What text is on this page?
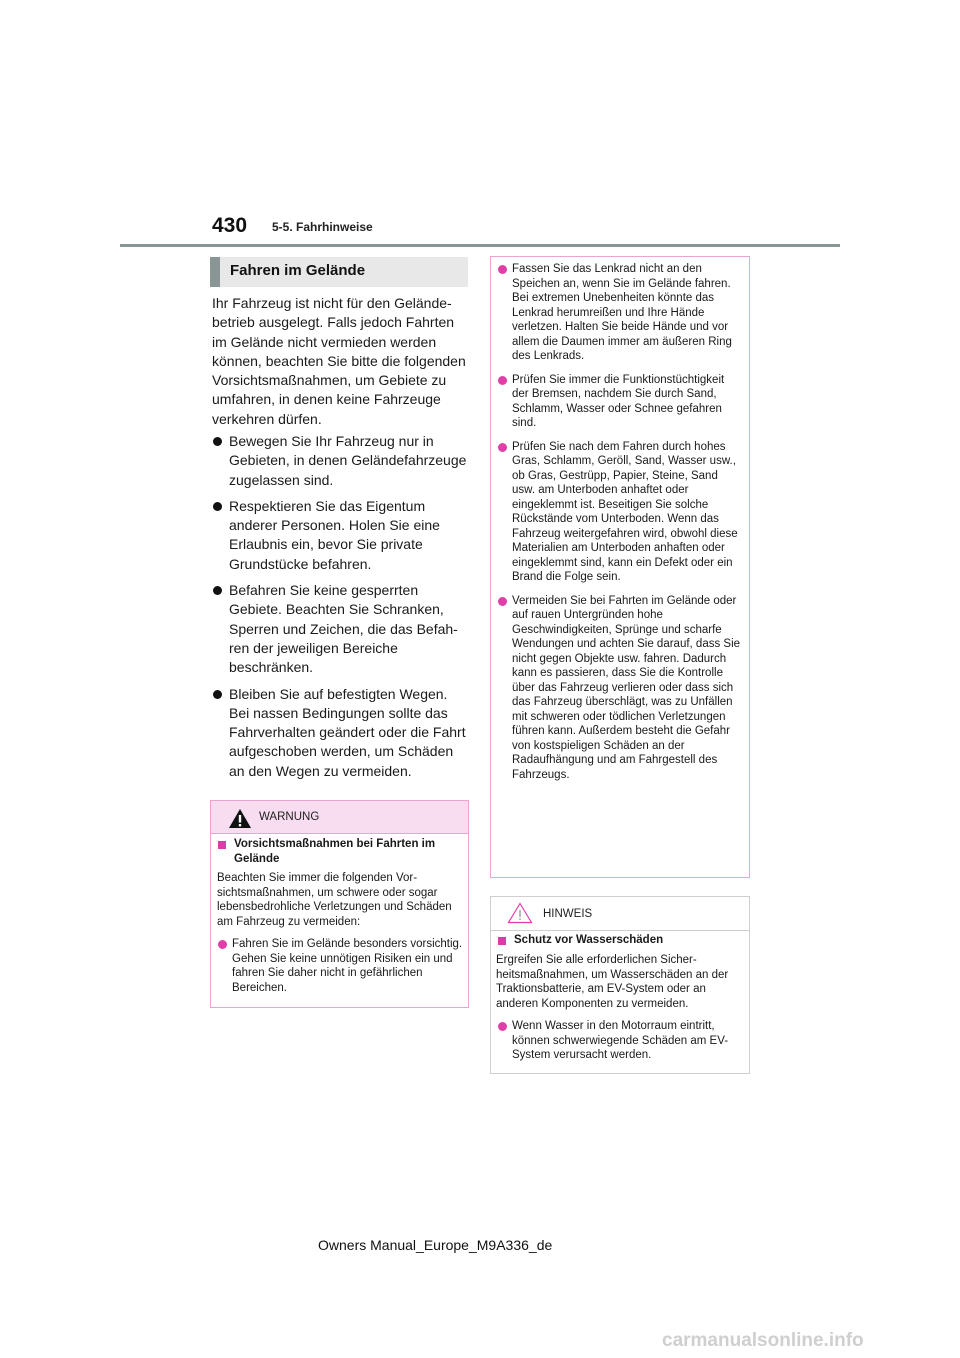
430 5-5. Fahrhinweise
Fahren im Gelände
Ihr Fahrzeug ist nicht für den Geländebetrieb ausgelegt. Falls jedoch Fahrten im Gelände nicht vermieden werden können, beachten Sie bitte die folgenden Vorsichtsmaßnahmen, um Gebiete zu umfahren, in denen keine Fahrzeuge verkehren dürfen.
Bewegen Sie Ihr Fahrzeug nur in Gebieten, in denen Geländefahrzeuge zugelassen sind.
Respektieren Sie das Eigentum anderer Personen. Holen Sie eine Erlaubnis ein, bevor Sie private Grundstücke befahren.
Befahren Sie keine gesperrten Gebiete. Beachten Sie Schranken, Sperren und Zeichen, die das Befahren der jeweiligen Bereiche beschränken.
Bleiben Sie auf befestigten Wegen. Bei nassen Bedingungen sollte das Fahrverhalten geändert oder die Fahrt aufgeschoben werden, um Schäden an den Wegen zu vermeiden.
WARNUNG
Vorsichtsmaßnahmen bei Fahrten im Gelände
Beachten Sie immer die folgenden Vorsichtsmaßnahmen, um schwere oder sogar lebensbedrohliche Verletzungen und Schäden am Fahrzeug zu vermeiden:
Fahren Sie im Gelände besonders vorsichtig. Gehen Sie keine unnötigen Risiken ein und fahren Sie daher nicht in gefährlichen Bereichen.
Fassen Sie das Lenkrad nicht an den Speichen an, wenn Sie im Gelände fahren. Bei extremen Unebenheiten könnte das Lenkrad herumreißen und Ihre Hände verletzen. Halten Sie beide Hände und vor allem die Daumen immer am äußeren Ring des Lenkrads.
Prüfen Sie immer die Funktionstüchtigkeit der Bremsen, nachdem Sie durch Sand, Schlamm, Wasser oder Schnee gefahren sind.
Prüfen Sie nach dem Fahren durch hohes Gras, Schlamm, Geröll, Sand, Wasser usw., ob Gras, Gestrüpp, Papier, Steine, Sand usw. am Unterboden anhaftet oder eingeklemmt ist. Beseitigen Sie solche Rückstände vom Unterboden. Wenn das Fahrzeug weitergefahren wird, obwohl diese Materialien am Unterboden anhaften oder eingeklemmt sind, kann ein Defekt oder ein Brand die Folge sein.
Vermeiden Sie bei Fahrten im Gelände oder auf rauen Untergründen hohe Geschwindigkeiten, Sprünge und scharfe Wendungen und achten Sie darauf, dass Sie nicht gegen Objekte usw. fahren. Dadurch kann es passieren, dass Sie die Kontrolle über das Fahrzeug verlieren oder dass sich das Fahrzeug überschlägt, was zu Unfällen mit schweren oder tödlichen Verletzungen führen kann. Außerdem besteht die Gefahr von kostspieligen Schäden an der Radaufhängung und am Fahrgestell des Fahrzeugs.
HINWEIS
Schutz vor Wasserschäden
Ergreifen Sie alle erforderlichen Sicherheitsmaßnahmen, um Wasserschäden an der Traktionsbatterie, am EV-System oder an anderen Komponenten zu vermeiden.
Wenn Wasser in den Motorraum eintritt, können schwerwiegende Schäden am EV-System verursacht werden.
Owners Manual_Europe_M9A336_de
carmanualsonline.info
